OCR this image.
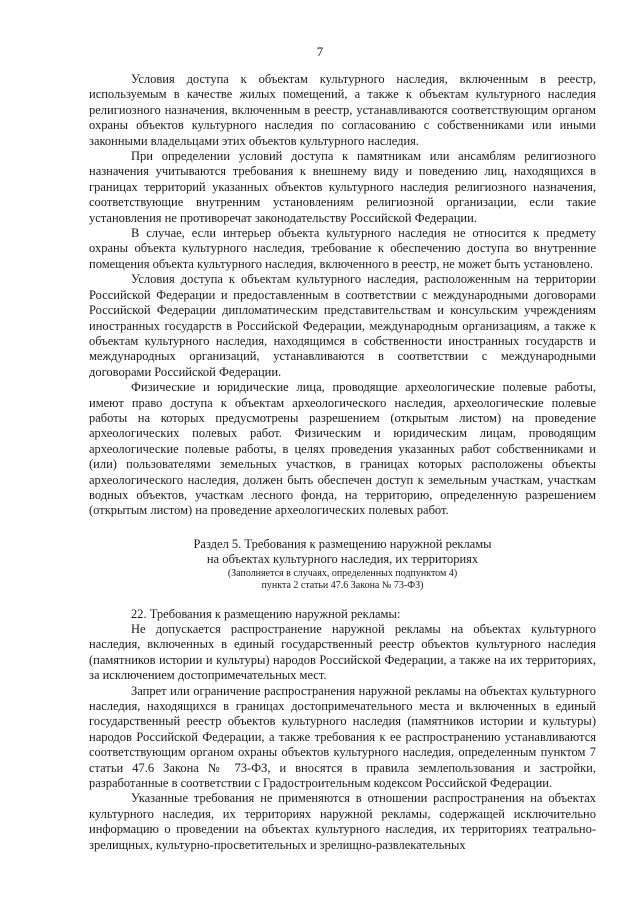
7

Условия доступа к объектам культурного наследия, включенным в реестр, используемым в качестве жилых помещений, а также к объектам культурного наследия религиозного назначения, включенным в реестр, устанавливаются соответствующим органом охраны объектов культурного наследия по согласованию с собственниками или иными законными владельцами этих объектов культурного наследия.

При определении условий доступа к памятникам или ансамблям религиозного назначения учитываются требования к внешнему виду и поведению лиц, находящихся в границах территорий указанных объектов культурного наследия религиозного назначения, соответствующие внутренним установлениям религиозной организации, если такие установления не противоречат законодательству Российской Федерации.

В случае, если интерьер объекта культурного наследия не относится к предмету охраны объекта культурного наследия, требование к обеспечению доступа во внутренние помещения объекта культурного наследия, включенного в реестр, не может быть установлено.

Условия доступа к объектам культурного наследия, расположенным на территории Российской Федерации и предоставленным в соответствии с международными договорами Российской Федерации дипломатическим представительствам и консульским учреждениям иностранных государств в Российской Федерации, международным организациям, а также к объектам культурного наследия, находящимся в собственности иностранных государств и международных организаций, устанавливаются в соответствии с международными договорами Российской Федерации.

Физические и юридические лица, проводящие археологические полевые работы, имеют право доступа к объектам археологического наследия, археологические полевые работы на которых предусмотрены разрешением (открытым листом) на проведение археологических полевых работ. Физическим и юридическим лицам, проводящим археологические полевые работы, в целях проведения указанных работ собственниками и (или) пользователями земельных участков, в границах которых расположены объекты археологического наследия, должен быть обеспечен доступ к земельным участкам, участкам водных объектов, участкам лесного фонда, на территорию, определенную разрешением (открытым листом) на проведение археологических полевых работ.

Раздел 5. Требования к размещению наружной рекламы
на объектах культурного наследия, их территориях
(Заполняется в случаях, определенных подпунктом 4)
пункта 2 статьи 47.6 Закона № 73-ФЗ)

22. Требования к размещению наружной рекламы:

Не допускается распространение наружной рекламы на объектах культурного наследия, включенных в единый государственный реестр объектов культурного наследия (памятников истории и культуры) народов Российской Федерации, а также на их территориях, за исключением достопримечательных мест.

Запрет или ограничение распространения наружной рекламы на объектах культурного наследия, находящихся в границах достопримечательного места и включенных в единый государственный реестр объектов культурного наследия (памятников истории и культуры) народов Российской Федерации, а также требования к ее распространению устанавливаются соответствующим органом охраны объектов культурного наследия, определенным пунктом 7 статьи 47.6 Закона № 73-ФЗ, и вносятся в правила землепользования и застройки, разработанные в соответствии с Градостроительным кодексом Российской Федерации.

Указанные требования не применяются в отношении распространения на объектах культурного наследия, их территориях наружной рекламы, содержащей исключительно информацию о проведении на объектах культурного наследия, их территориях театрально-зрелищных, культурно-просветительных и зрелищно-развлекательных
